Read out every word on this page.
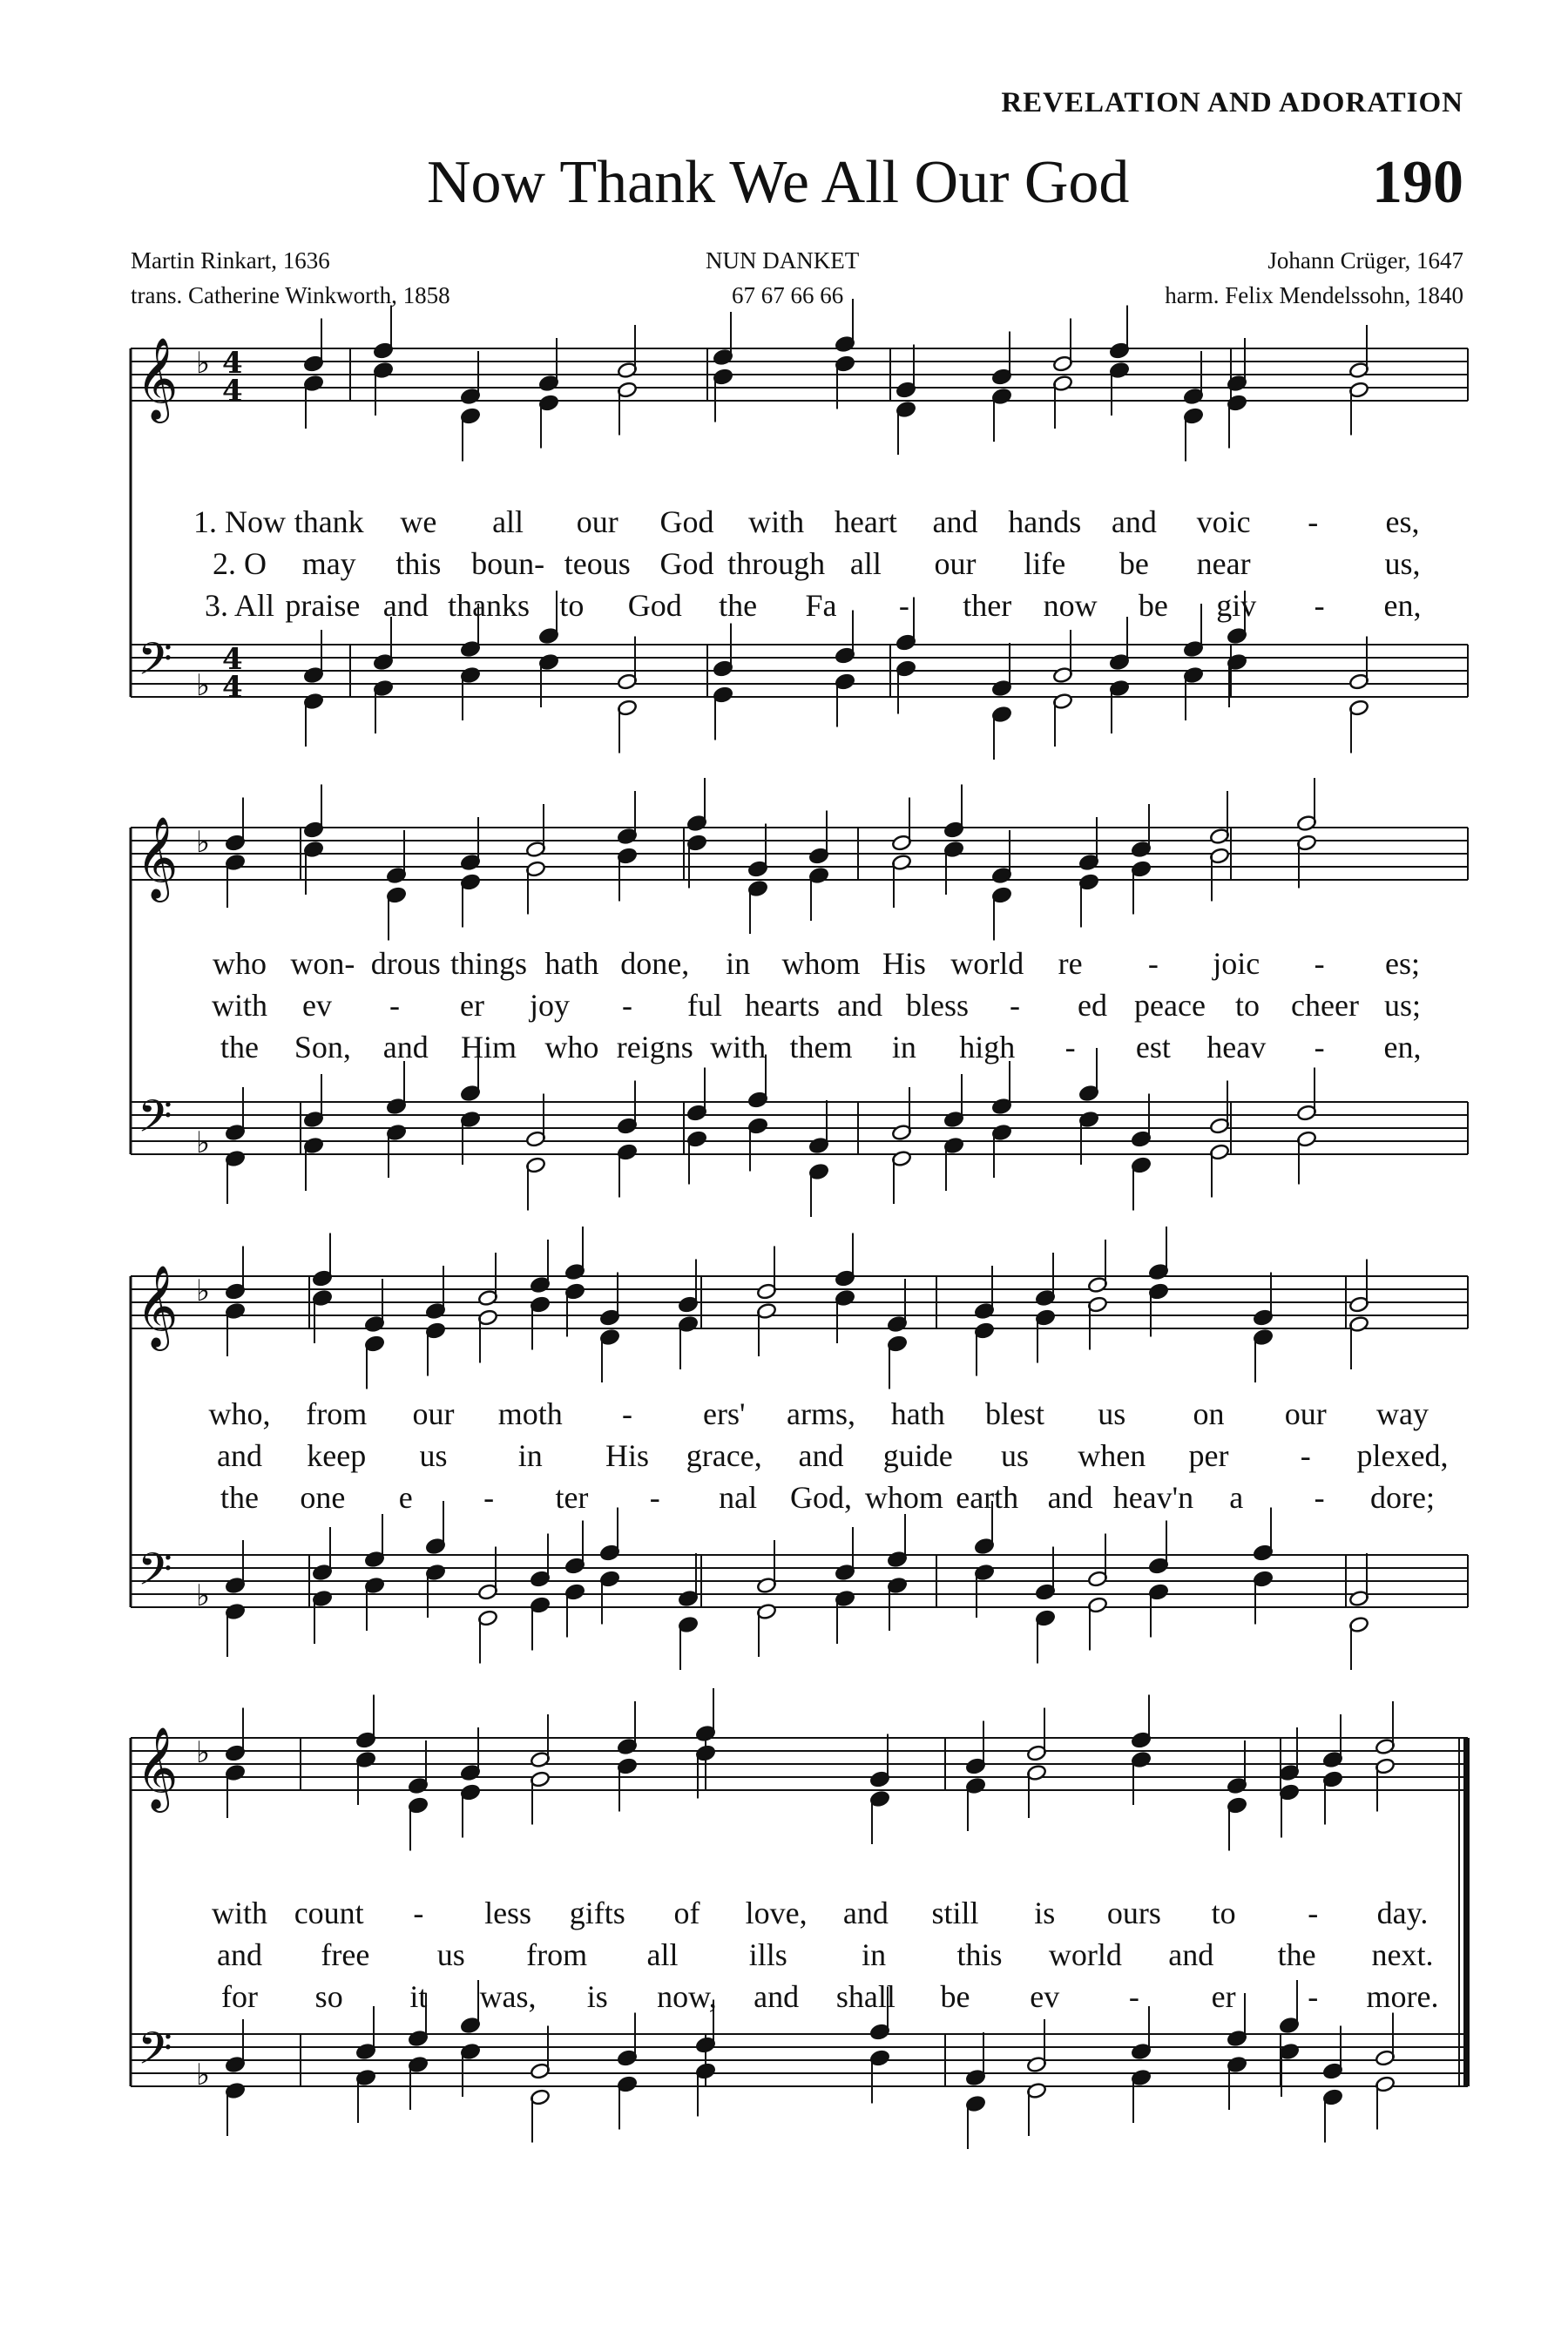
REVELATION AND ADORATION
Now Thank We All Our God	190
Martin Rinkart, 1636
trans. Catherine Winkworth, 1858
NUN DANKET
67 67 66 66
Johann Crüger, 1647
harm. Felix Mendelssohn, 1840
𝄞
𝄢
♭
♭
4
4
4
4
𝄞
𝄢
♭
♭
𝄞
𝄢
♭
♭
𝄞
𝄢
♭
♭
1. Now thank we all our God with heart and hands and voic - es,
2. O may this boun- teous God through all our life be near	us,
3. All praise and thanks to God the Fa - ther now be giv - en,
who won- drous things hath done, in whom His world re - joic - es;
with ev - er joy - ful hearts and bless - ed peace to cheer us;
the Son, and Him who reigns with them in high - est heav - en,
who, from our moth - ers' arms, hath blest us on our way
and keep us in His grace, and guide us when per - plexed,
the one e - ter - nal God, whom earth and heav'n a - dore;
with count - less gifts of love, and still is ours to - day.
and free us from all ills in this world and the next.
for so it was, is now, and shall be ev - er - more.
